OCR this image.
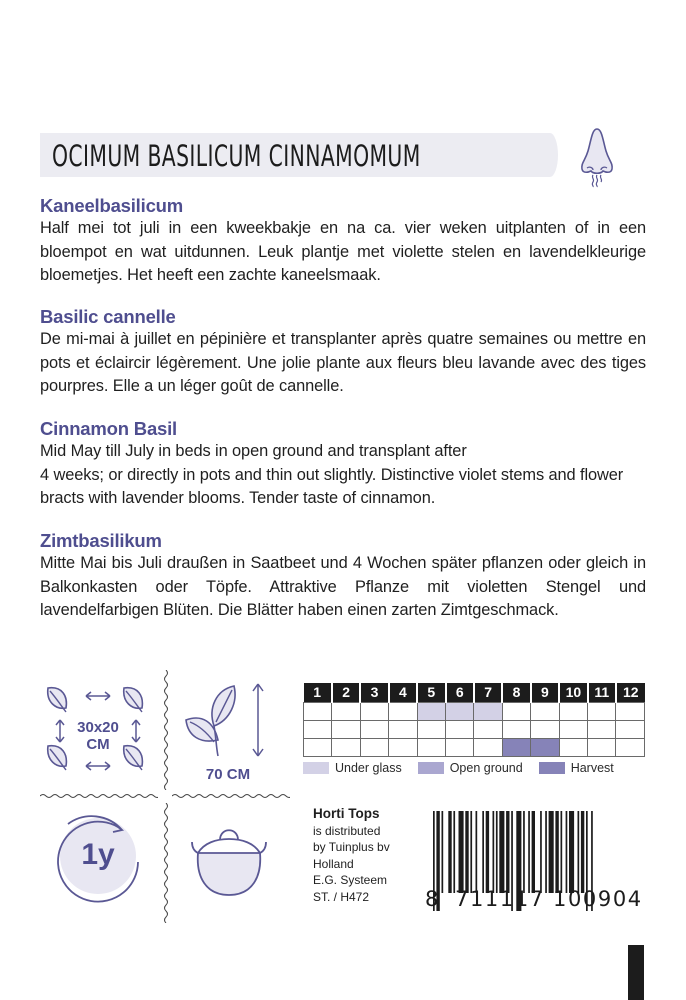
OCIMUM BASILICUM CINNAMOMUM
Kaneelbasilicum

Half mei tot juli in een kweekbakje en na ca. vier weken uitplanten of in een bloempot en wat uitdunnen. Leuk plantje met violette stelen en lavendelkleurige bloemetjes. Het heeft een zachte kaneelsmaak.

Basilic cannelle

De mi-mai à juillet en pépinière et transplanter après quatre semaines ou mettre en pots et éclaircir légèrement. Une jolie plante aux fleurs bleu lavande avec des tiges pourpres. Elle a un léger goût de cannelle.

Cinnamon Basil

Mid May till July in beds in open ground and transplant after

4 weeks; or directly in pots and thin out slightly. Distinctive violet stems and flower bracts with lavender blooms. Tender taste of cinnamon.

Zimtbasilikum

Mitte Mai bis Juli draußen in Saatbeet und 4 Wochen später pflanzen oder gleich in Balkonkasten oder Töpfe. Attraktive Pflanze mit violetten Stengel und lavendelfarbigen Blüten. Die Blätter haben einen zarten Zimtgeschmack.

30x20
CM
70 CM
1y
1	2	3	4	5	6	7	8	9	10	11	12

Under glass	Open ground	Harvest
Horti Tops
is distributed
by Tuinplus bv
Holland
E.G. Systeem
ST. / H472	8 711117 100904
